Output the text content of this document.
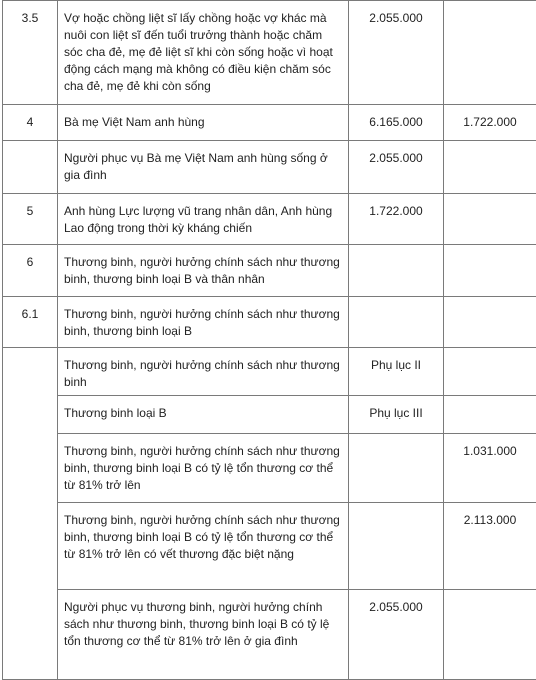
3.5	Vợ hoặc chồng liệt sĩ lấy chồng hoặc vợ khác mà nuôi con liệt sĩ đến tuổi trưởng thành hoặc chăm sóc cha đẻ, mẹ đẻ liệt sĩ khi còn sống hoặc vì hoạt động cách mạng mà không có điều kiện chăm sóc cha đẻ, mẹ đẻ khi còn sống	2.055.000	

4	Bà mẹ Việt Nam anh hùng	6.165.000	1.722.000

	Người phục vụ Bà mẹ Việt Nam anh hùng sống ở gia đình	2.055.000	

5	Anh hùng Lực lượng vũ trang nhân dân, Anh hùng Lao động trong thời kỳ kháng chiến	1.722.000	

6	Thương binh, người hưởng chính sách như thương binh, thương binh loại B và thân nhân		

6.1	Thương binh, người hưởng chính sách như thương binh, thương binh loại B		

	Thương binh, người hưởng chính sách như thương binh	Phụ lục II	

	Thương binh loại B	Phụ lục III	

	Thương binh, người hưởng chính sách như thương binh, thương binh loại B có tỷ lệ tổn thương cơ thể từ 81% trở lên		1.031.000

	Thương binh, người hưởng chính sách như thương binh, thương binh loại B có tỷ lệ tổn thương cơ thể từ 81% trở lên có vết thương đặc biệt nặng		2.113.000

	Người phục vụ thương binh, người hưởng chính sách như thương binh, thương binh loại B có tỷ lệ tổn thương cơ thể từ 81% trở lên ở gia đình	2.055.000	
